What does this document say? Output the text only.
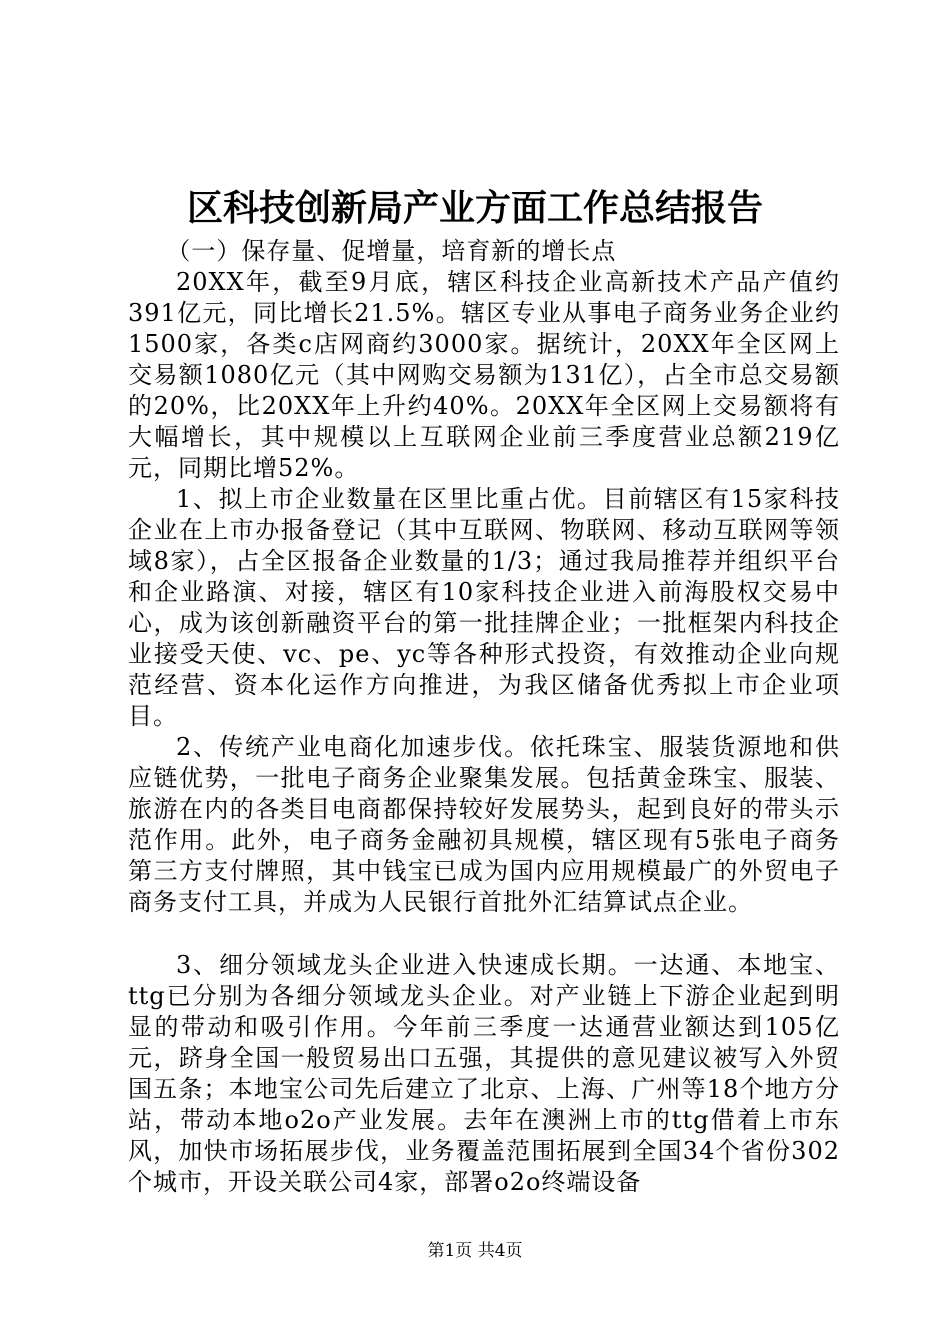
区科技创新局产业方面工作总结报告

（一）保存量、促增量，培育新的增长点

20XX年，截至9月底，辖区科技企业高新技术产品产值约391亿元，同比增长21.5%。辖区专业从事电子商务业务企业约1500家，各类c店网商约3000家。据统计，20XX年全区网上交易额1080亿元（其中网购交易额为131亿），占全市总交易额的20%，比20XX年上升约40%。20XX年全区网上交易额将有大幅增长，其中规模以上互联网企业前三季度营业总额219亿元，同期比增52%。

1、拟上市企业数量在区里比重占优。目前辖区有15家科技企业在上市办报备登记（其中互联网、物联网、移动互联网等领域8家），占全区报备企业数量的1/3；通过我局推荐并组织平台和企业路演、对接，辖区有10家科技企业进入前海股权交易中心，成为该创新融资平台的第一批挂牌企业；一批框架内科技企业接受天使、vc、pe、yc等各种形式投资，有效推动企业向规范经营、资本化运作方向推进，为我区储备优秀拟上市企业项目。

2、传统产业电商化加速步伐。依托珠宝、服装货源地和供应链优势，一批电子商务企业聚集发展。包括黄金珠宝、服装、旅游在内的各类目电商都保持较好发展势头，起到良好的带头示范作用。此外，电子商务金融初具规模，辖区现有5张电子商务第三方支付牌照，其中钱宝已成为国内应用规模最广的外贸电子商务支付工具，并成为人民银行首批外汇结算试点企业。

3、细分领域龙头企业进入快速成长期。一达通、本地宝、ttg已分别为各细分领域龙头企业。对产业链上下游企业起到明显的带动和吸引作用。今年前三季度一达通营业额达到105亿元，跻身全国一般贸易出口五强，其提供的意见建议被写入外贸国五条；本地宝公司先后建立了北京、上海、广州等18个地方分站，带动本地o2o产业发展。去年在澳洲上市的ttg借着上市东风，加快市场拓展步伐，业务覆盖范围拓展到全国34个省份302个城市，开设关联公司4家，部署o2o终端设备

第1页 共4页
